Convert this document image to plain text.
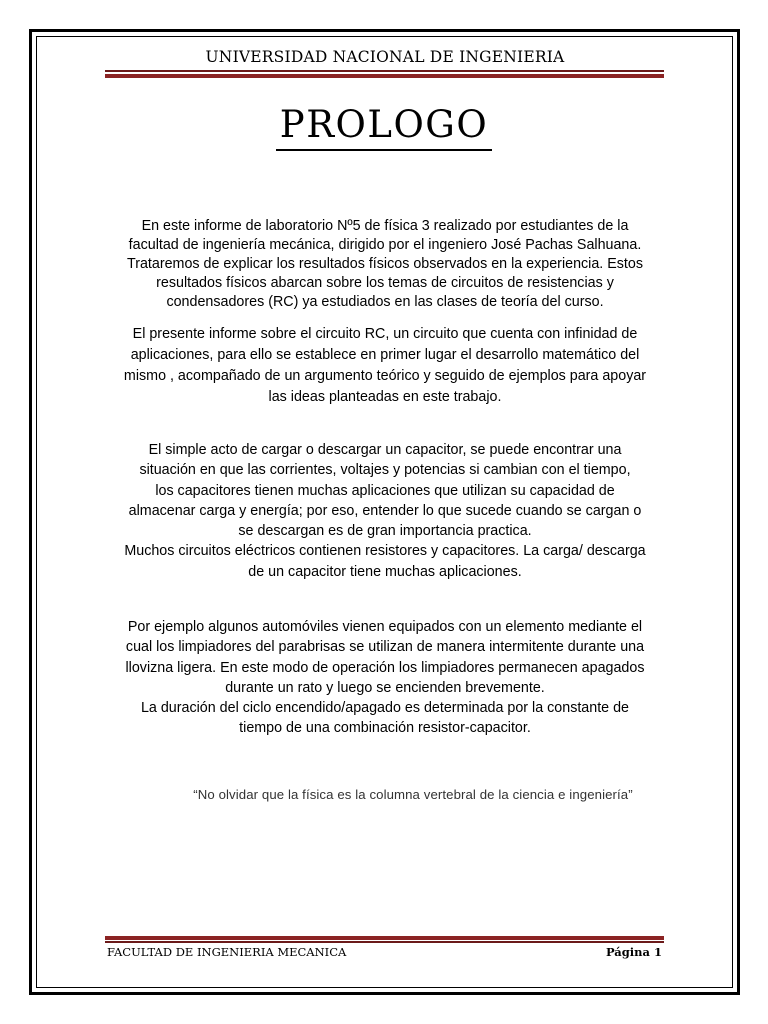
UNIVERSIDAD NACIONAL DE INGENIERIA
PROLOGO

En este informe de laboratorio Nº5 de física 3 realizado por estudiantes de la

facultad de ingeniería mecánica, dirigido por el ingeniero José Pachas Salhuana.

Trataremos de explicar los resultados físicos observados en la experiencia. Estos

resultados físicos abarcan sobre los temas de circuitos de resistencias y

condensadores (RC) ya estudiados en las clases de teoría del curso.

El presente informe sobre el circuito RC, un circuito que cuenta con infinidad de

aplicaciones, para ello se establece en primer lugar el desarrollo matemático del

mismo , acompañado de un argumento teórico y seguido de ejemplos para apoyar

las ideas planteadas en este trabajo.

El simple acto de cargar o descargar un capacitor, se puede encontrar una

situación en que las corrientes, voltajes y potencias si cambian con el tiempo,

los capacitores tienen muchas aplicaciones que utilizan su capacidad de

almacenar carga y energía; por eso, entender lo que sucede cuando se cargan o

se descargan es de gran importancia practica.

Muchos circuitos eléctricos contienen resistores y capacitores. La carga/ descarga

de un capacitor tiene muchas aplicaciones.

Por ejemplo algunos automóviles vienen equipados con un elemento mediante el

cual los limpiadores del parabrisas se utilizan de manera intermitente durante una

llovizna ligera. En este modo de operación los limpiadores permanecen apagados

durante un rato y luego se encienden brevemente.

La duración del ciclo encendido/apagado es determinada por la constante de

tiempo de una combinación resistor-capacitor.

“No olvidar que la física es la columna vertebral de la ciencia e ingeniería”
FACULTAD DE INGENIERIA MECANICA	Página 1
